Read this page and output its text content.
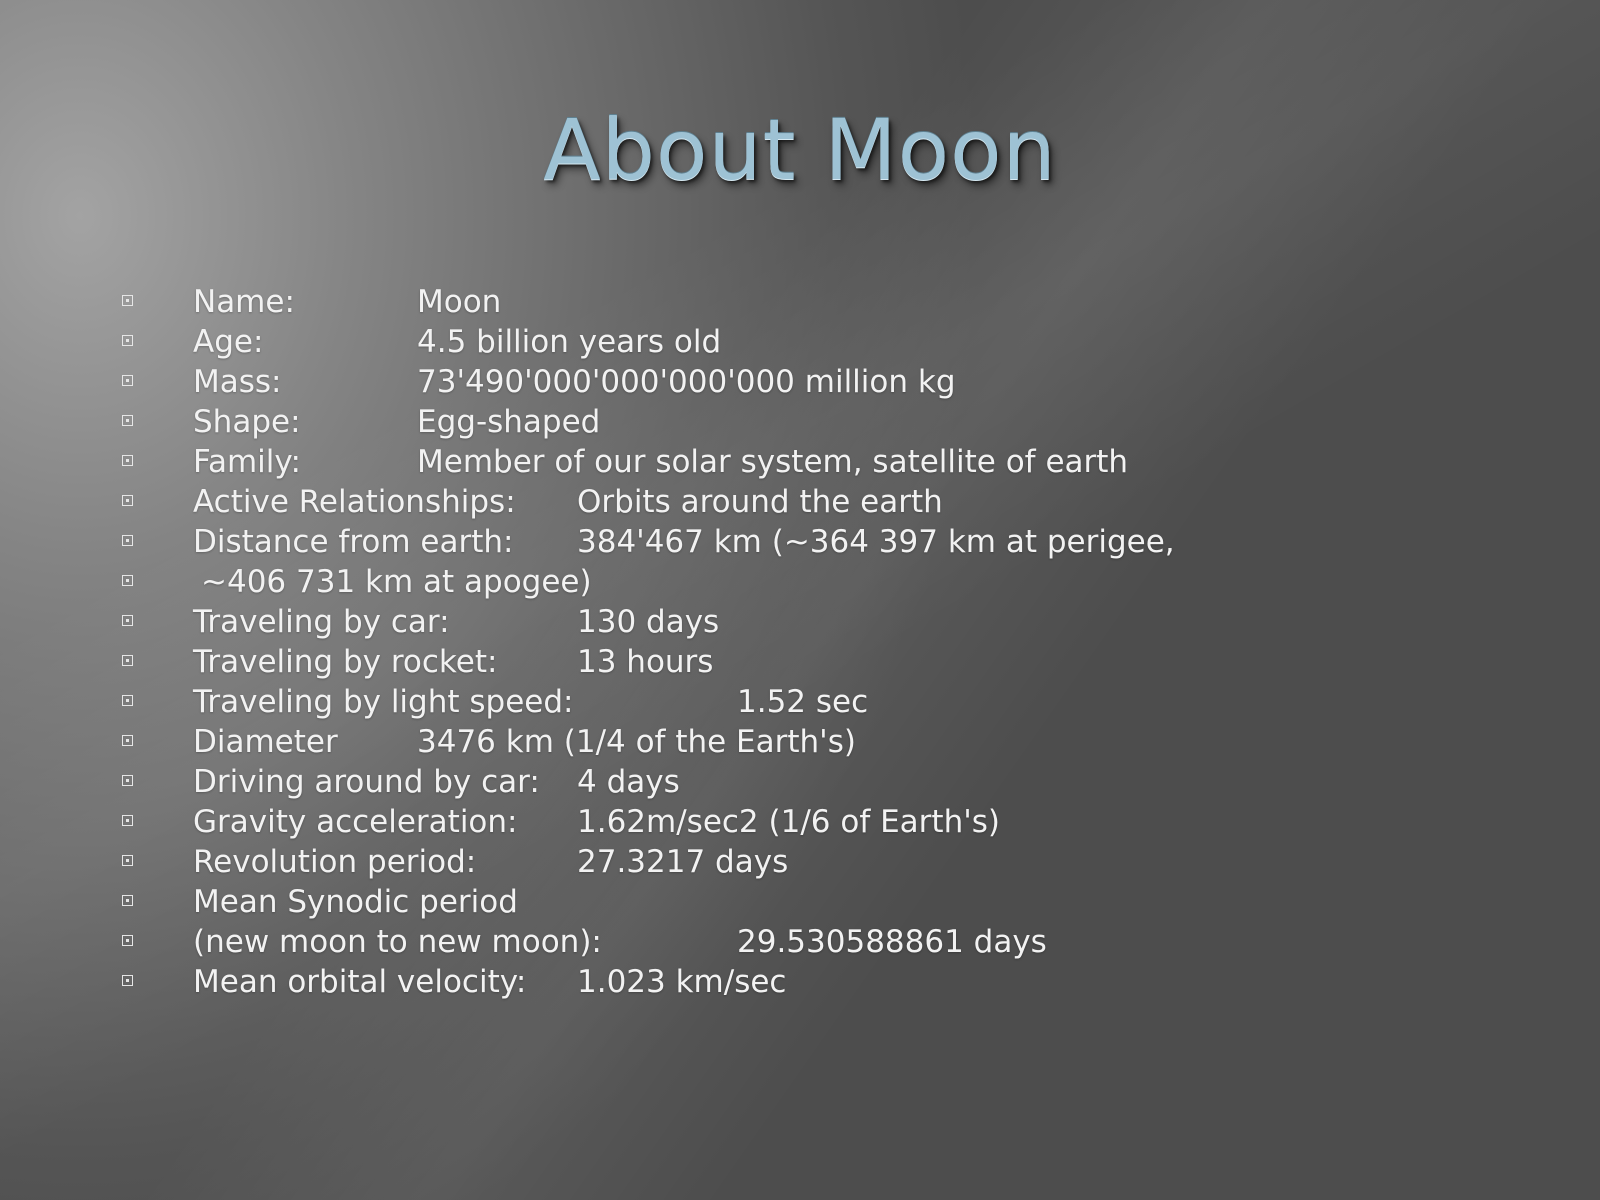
About Moon
Name:	Moon
Age:	4.5 billion years old
Mass:	73'490'000'000'000'000 million kg
Shape:	Egg-shaped
Family:	Member of our solar system, satellite of earth
Active Relationships: Orbits around the earth
Distance from earth: 384'467 km (~364 397 km at perigee,
~406 731 km at apogee)
Traveling by car:	130 days
Traveling by rocket:	13 hours
Traveling by light speed:	1.52 sec
Diameter	3476 km (1/4 of the Earth's)
Driving around by car: 4 days
Gravity acceleration: 1.62m/sec2 (1/6 of Earth's)
Revolution period:	27.3217 days
Mean Synodic period
(new moon to new moon):	29.530588861 days
Mean orbital velocity: 1.023 km/sec
